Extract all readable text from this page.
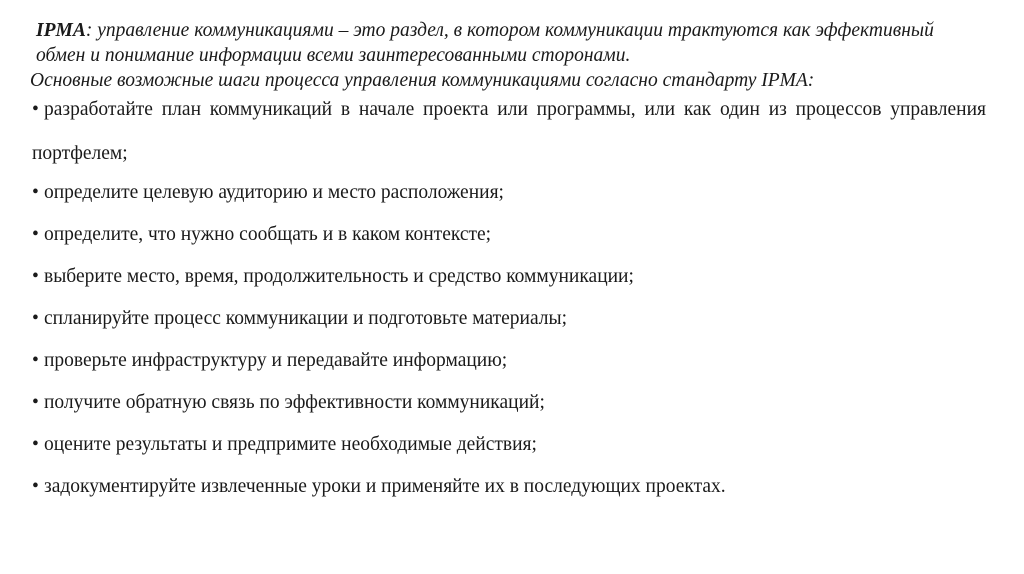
IPMA: управление коммуникациями – это раздел, в котором коммуникации трактуются как эффективный обмен и понимание информации всеми заинтересованными сторонами.

Основные возможные шаги процесса управления коммуникациями согласно стандарту IPMA:

• разработайте план коммуникаций в начале проекта или программы, или как один из процессов управления портфелем;
• определите целевую аудиторию и место расположения;
• определите, что нужно сообщать и в каком контексте;
• выберите место, время, продолжительность и средство коммуникации;
• спланируйте процесс коммуникации и подготовьте материалы;
• проверьте инфраструктуру и передавайте информацию;
• получите обратную связь по эффективности коммуникаций;
• оцените результаты и предпримите необходимые действия;
• задокументируйте извлеченные уроки и применяйте их в последующих проектах.
